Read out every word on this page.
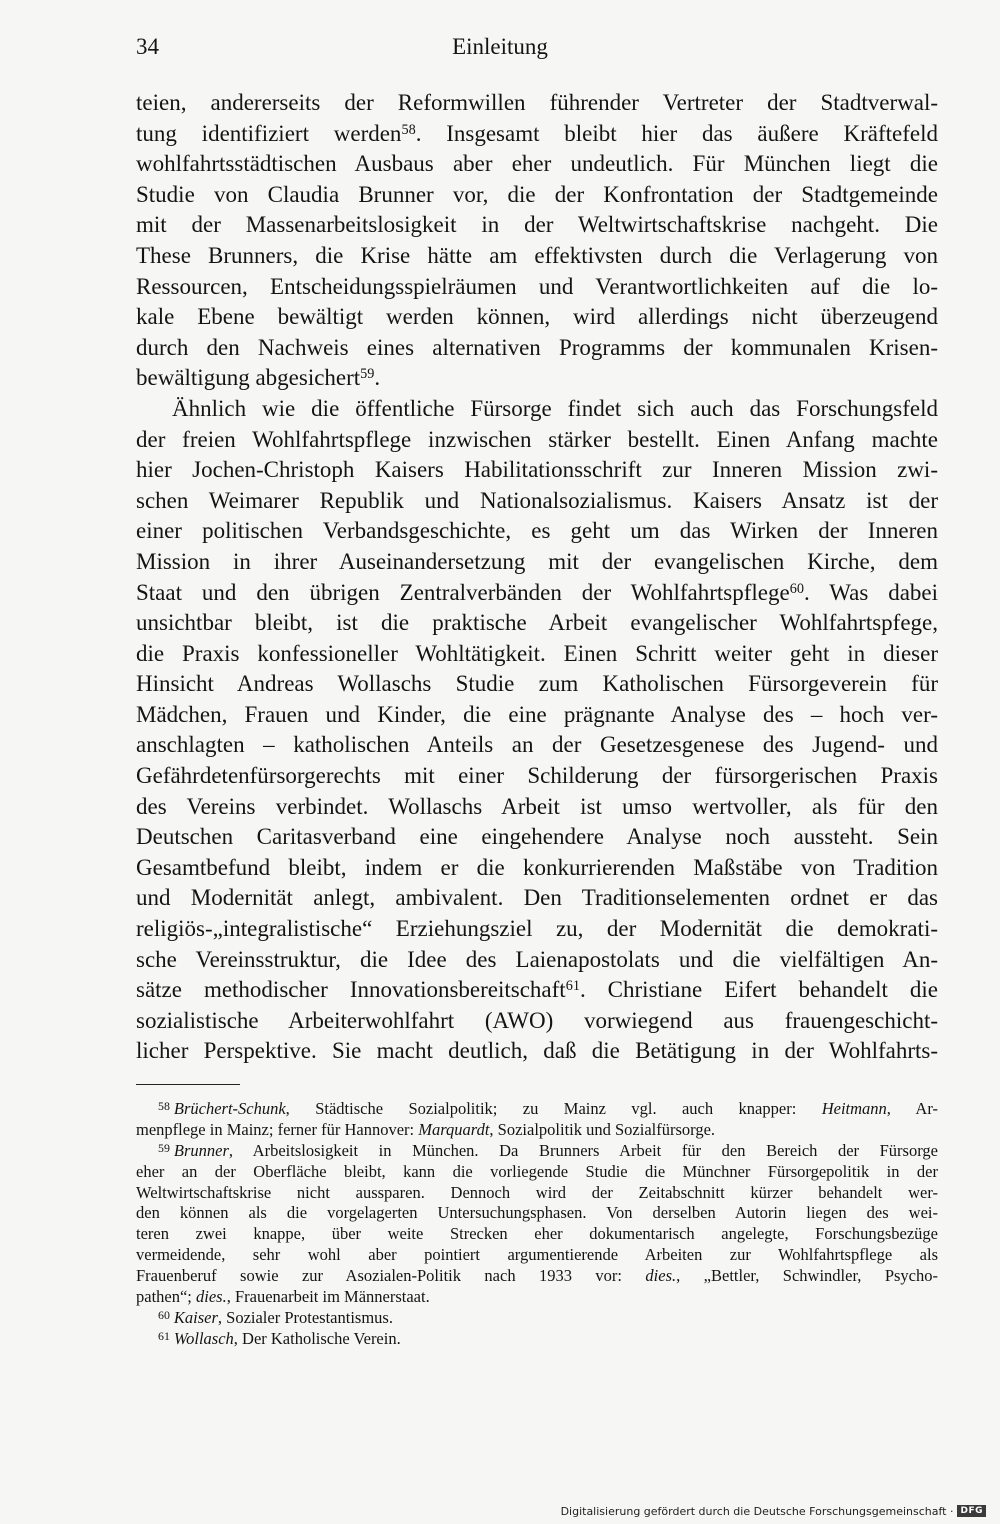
34	Einleitung
teien, andererseits der Reformwillen führender Vertreter der Stadtverwal-
tung identifiziert werden$^{58}$. Insgesamt bleibt hier das äußere Kräftefeld
wohlfahrtsstädtischen Ausbaus aber eher undeutlich. Für München liegt die
Studie von Claudia Brunner vor, die der Konfrontation der Stadtgemeinde
mit der Massenarbeitslosigkeit in der Weltwirtschaftskrise nachgeht. Die
These Brunners, die Krise hätte am effektivsten durch die Verlagerung von
Ressourcen, Entscheidungsspielräumen und Verantwortlichkeiten auf die lo-
kale Ebene bewältigt werden können, wird allerdings nicht überzeugend
durch den Nachweis eines alternativen Programms der kommunalen Krisen-
bewältigung abgesichert$^{59}$.
Ähnlich wie die öffentliche Fürsorge findet sich auch das Forschungsfeld
der freien Wohlfahrtspflege inzwischen stärker bestellt. Einen Anfang machte
hier Jochen-Christoph Kaisers Habilitationsschrift zur Inneren Mission zwi-
schen Weimarer Republik und Nationalsozialismus. Kaisers Ansatz ist der
einer politischen Verbandsgeschichte, es geht um das Wirken der Inneren
Mission in ihrer Auseinandersetzung mit der evangelischen Kirche, dem
Staat und den übrigen Zentralverbänden der Wohlfahrtspflege$^{60}$. Was dabei
unsichtbar bleibt, ist die praktische Arbeit evangelischer Wohlfahrtspfege,
die Praxis konfessioneller Wohltätigkeit. Einen Schritt weiter geht in dieser
Hinsicht Andreas Wollaschs Studie zum Katholischen Fürsorgeverein für
Mädchen, Frauen und Kinder, die eine prägnante Analyse des – hoch ver-
anschlagten – katholischen Anteils an der Gesetzesgenese des Jugend- und
Gefährdetenfürsorgerechts mit einer Schilderung der fürsorgerischen Praxis
des Vereins verbindet. Wollaschs Arbeit ist umso wertvoller, als für den
Deutschen Caritasverband eine eingehendere Analyse noch aussteht. Sein
Gesamtbefund bleibt, indem er die konkurrierenden Maßstäbe von Tradition
und Modernität anlegt, ambivalent. Den Traditionselementen ordnet er das
religiös-„integralistische“ Erziehungsziel zu, der Modernität die demokrati-
sche Vereinsstruktur, die Idee des Laienapostolats und die vielfältigen An-
sätze methodischer Innovationsbereitschaft$^{61}$. Christiane Eifert behandelt die
sozialistische Arbeiterwohlfahrt (AWO) vorwiegend aus frauengeschicht-
licher Perspektive. Sie macht deutlich, daß die Betätigung in der Wohlfahrts-
$^{58}$ Brüchert-Schunk, Städtische Sozialpolitik; zu Mainz vgl. auch knapper: Heitmann, Ar-
menpflege in Mainz; ferner für Hannover: Marquardt, Sozialpolitik und Sozialfürsorge.
$^{59}$ Brunner, Arbeitslosigkeit in München. Da Brunners Arbeit für den Bereich der Fürsorge
eher an der Oberfläche bleibt, kann die vorliegende Studie die Münchner Fürsorgepolitik in der
Weltwirtschaftskrise nicht aussparen. Dennoch wird der Zeitabschnitt kürzer behandelt wer-
den können als die vorgelagerten Untersuchungsphasen. Von derselben Autorin liegen des wei-
teren zwei knappe, über weite Strecken eher dokumentarisch angelegte, Forschungsbezüge
vermeidende, sehr wohl aber pointiert argumentierende Arbeiten zur Wohlfahrtspflege als
Frauenberuf sowie zur Asozialen-Politik nach 1933 vor: dies., „Bettler, Schwindler, Psycho-
pathen“; dies., Frauenarbeit im Männerstaat.
$^{60}$ Kaiser, Sozialer Protestantismus.
$^{61}$ Wollasch, Der Katholische Verein.
Digitalisierung gefördert durch die Deutsche Forschungsgemeinschaft · DFG
